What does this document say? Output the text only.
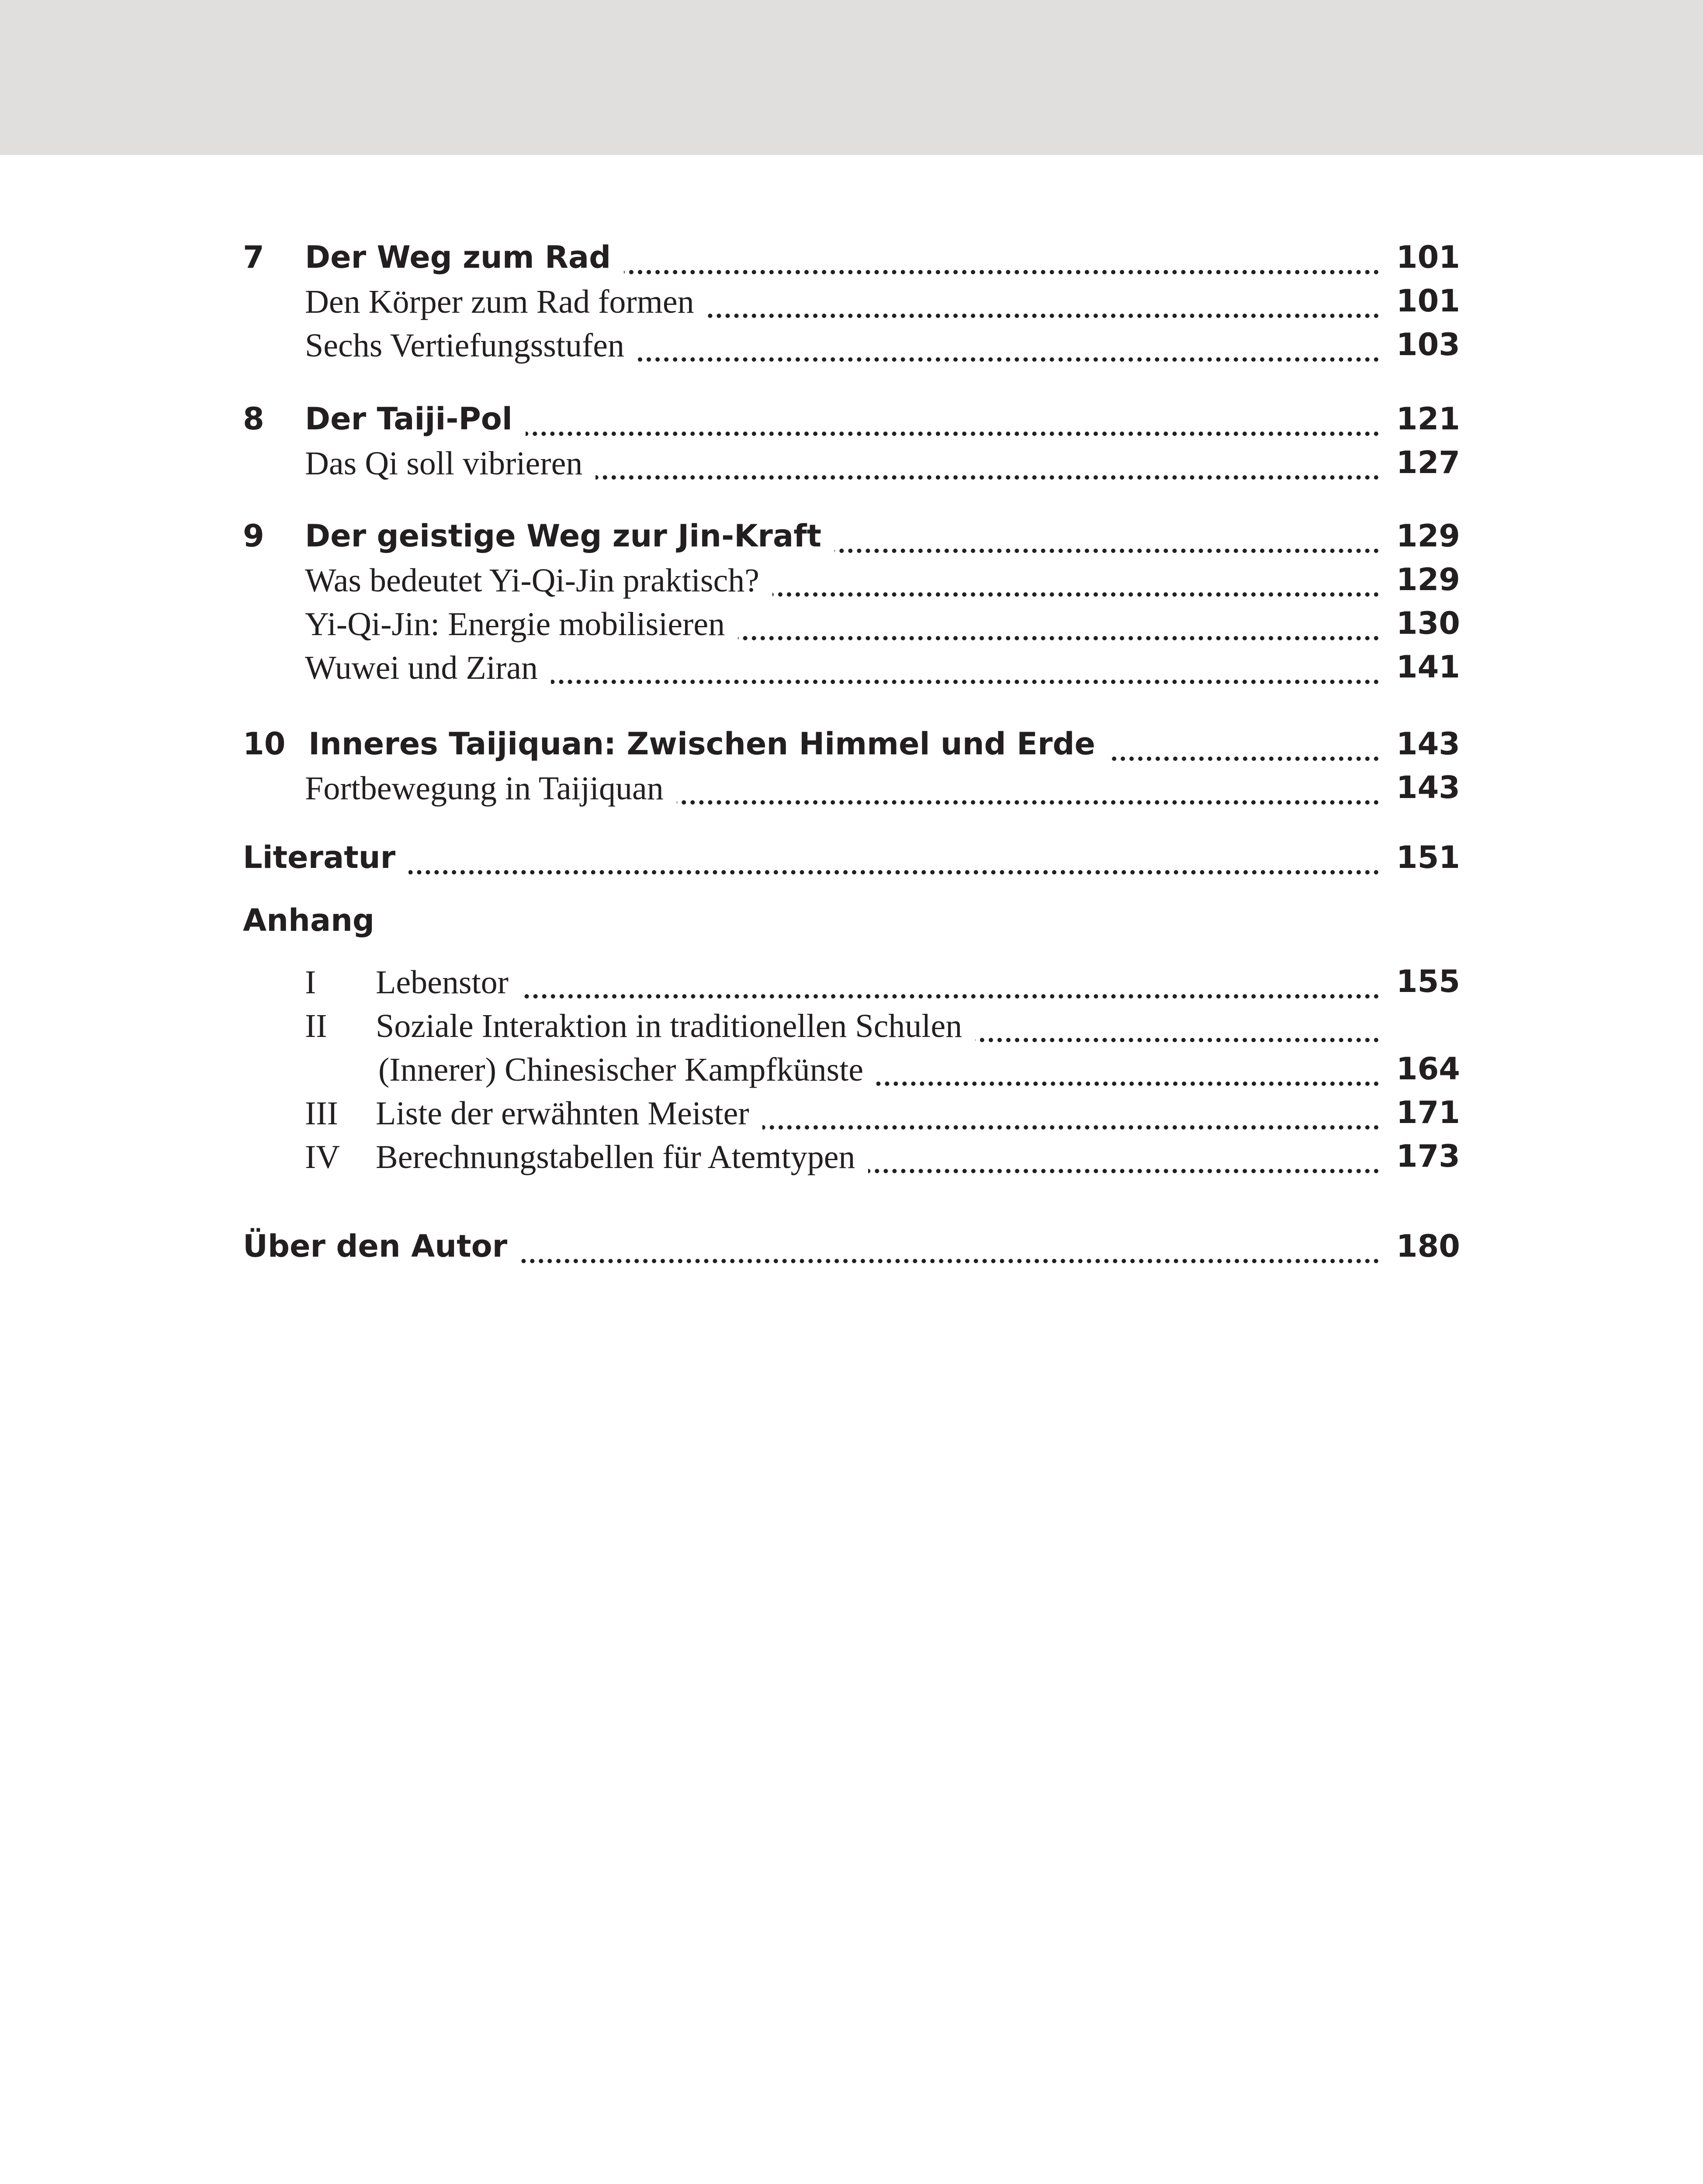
7 Der Weg zum Rad	101
Den Körper zum Rad formen	101
Sechs Vertiefungsstufen	103
8 Der Taiji-Pol	121
Das Qi soll vibrieren	127
9 Der geistige Weg zur Jin-Kraft	129
Was bedeutet Yi-Qi-Jin praktisch?	129
Yi-Qi-Jin: Energie mobilisieren	130
Wuwei und Ziran	141
10 Inneres Taijiquan: Zwischen Himmel und Erde	143
Fortbewegung in Taijiquan	143
Literatur	151
Anhang
I Lebenstor	155
II Soziale Interaktion in traditionellen Schulen
(Innerer) Chinesischer Kampfkünste	164
III Liste der erwähnten Meister	171
IV Berechnungstabellen für Atemtypen	173
Über den Autor	180
